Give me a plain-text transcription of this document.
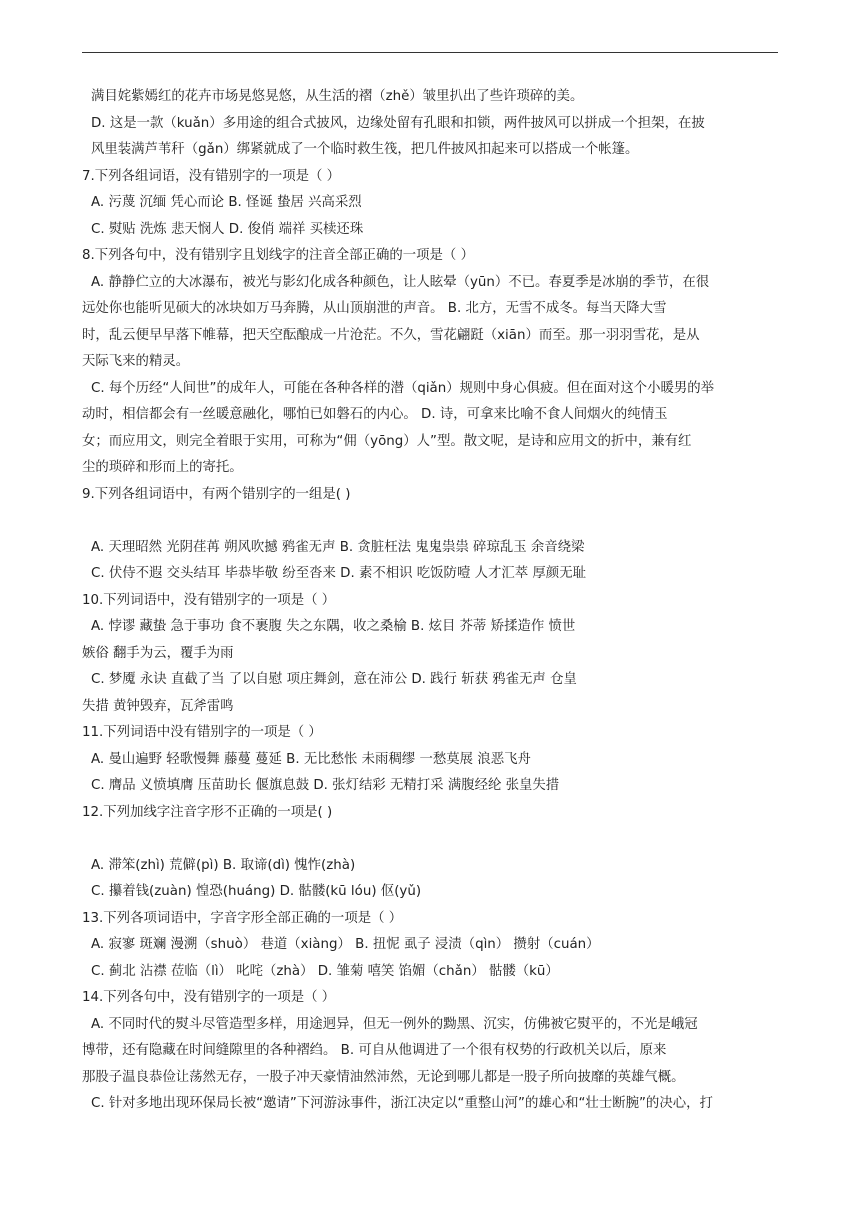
满目姹紫嫣红的花卉市场晃悠晃悠，从生活的褶（zhě）皱里扒出了些许琐碎的美。
D. 这是一款（kuǎn）多用途的组合式披风，边缘处留有孔眼和扣锁，两件披风可以拼成一个担架，在披
风里装满芦苇秆（gǎn）绑紧就成了一个临时救生筏，把几件披风扣起来可以搭成一个帐篷。
7.下列各组词语，没有错别字的一项是（ ）
A. 污蔑 沉缅 凭心而论 B. 怪诞 蛰居 兴高采烈
C. 熨贴 洗炼 悲天悯人 D. 俊俏 端祥 买椟还珠
8.下列各句中，没有错别字且划线字的注音全部正确的一项是（ ）
A. 静静伫立的大冰瀑布，被光与影幻化成各种颜色，让人眩晕（yūn）不已。春夏季是冰崩的季节，在很
远处你也能听见硕大的冰块如万马奔腾，从山顶崩泄的声音。 B. 北方，无雪不成冬。每当天降大雪
时，乱云便早早落下帷幕，把天空酝酿成一片沧茫。不久，雪花翩跹（xiān）而至。那一羽羽雪花，是从
天际飞来的精灵。
C. 每个历经“人间世”的成年人，可能在各种各样的潜（qiǎn）规则中身心俱疲。但在面对这个小暖男的举
动时，相信都会有一丝暖意融化，哪怕已如磐石的内心。 D. 诗，可拿来比喻不食人间烟火的纯情玉
女；而应用文，则完全着眼于实用，可称为“佣（yōng）人”型。散文呢，是诗和应用文的折中，兼有红
尘的琐碎和形而上的寄托。
9.下列各组词语中，有两个错别字的一组是( )
A. 天理昭然 光阴荏苒 朔风吹撼 鸦雀无声 B. 贪脏枉法 鬼鬼祟祟 碎琼乱玉 余音绕梁
C. 伏侍不遐 交头结耳 毕恭毕敬 纷至沓来 D. 素不相识 吃饭防噎 人才汇萃 厚颜无耻
10.下列词语中，没有错别字的一项是（ ）
A. 悖谬 藏蛰 急于事功 食不裹腹 失之东隅，收之桑榆 B. 炫目 芥蒂 矫揉造作 愤世
嫉俗 翻手为云，覆手为雨
C. 梦魇 永诀 直截了当 了以自慰 项庄舞剑，意在沛公 D. 践行 斩获 鸦雀无声 仓皇
失措 黄钟毁弃，瓦斧雷鸣
11.下列词语中没有错别字的一项是（ ）
A. 曼山遍野 轻歌慢舞 藤蔓 蔓延 B. 无比愁怅 未雨稠缪 一愁莫展 浪恶飞舟
C. 膺品 义愤填膺 压苗助长 偃旗息鼓 D. 张灯结彩 无精打采 满腹经纶 张皇失措
12.下列加线字注音字形不正确的一项是( )
A. 滞笨(zhì) 荒僻(pì) B. 取谛(dì) 愧怍(zhà)
C. 攥着钱(zuàn) 惶恐(huáng) D. 骷髅(kū lóu) 伛(yǔ)
13.下列各项词语中，字音字形全部正确的一项是（ ）
A. 寂寥 斑斓 漫溯（shuò） 巷道（xiàng） B. 扭怩 虱子 浸渍（qìn） 攒射（cuán）
C. 蓟北 沾襟 莅临（lì） 叱咤（zhà） D. 雏菊 嘻笑 馅媚（chǎn） 骷髅（kū）
14.下列各句中，没有错别字的一项是（ ）
A. 不同时代的熨斗尽管造型多样，用途迥异，但无一例外的黝黑、沉实，仿佛被它熨平的，不光是峨冠
博带，还有隐藏在时间缝隙里的各种褶绉。 B. 可自从他调进了一个很有权势的行政机关以后，原来
那股子温良恭俭让荡然无存，一股子冲天豪情油然沛然，无论到哪儿都是一股子所向披靡的英雄气概。
C. 针对多地出现环保局长被“邀请”下河游泳事件，浙江决定以“重整山河”的雄心和“壮士断腕”的决心，打
